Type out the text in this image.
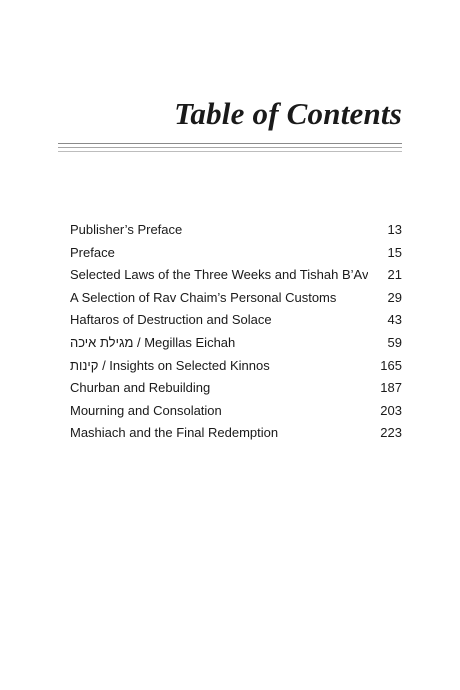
Table of Contents
Publisher’s Preface	13
Preface	15
Selected Laws of the Three Weeks and Tishah B’Av	21
A Selection of Rav Chaim’s Personal Customs	29
Haftaros of Destruction and Solace	43
מגילת איכה / Megillas Eichah	59
קינות / Insights on Selected Kinnos	165
Churban and Rebuilding	187
Mourning and Consolation	203
Mashiach and the Final Redemption	223
